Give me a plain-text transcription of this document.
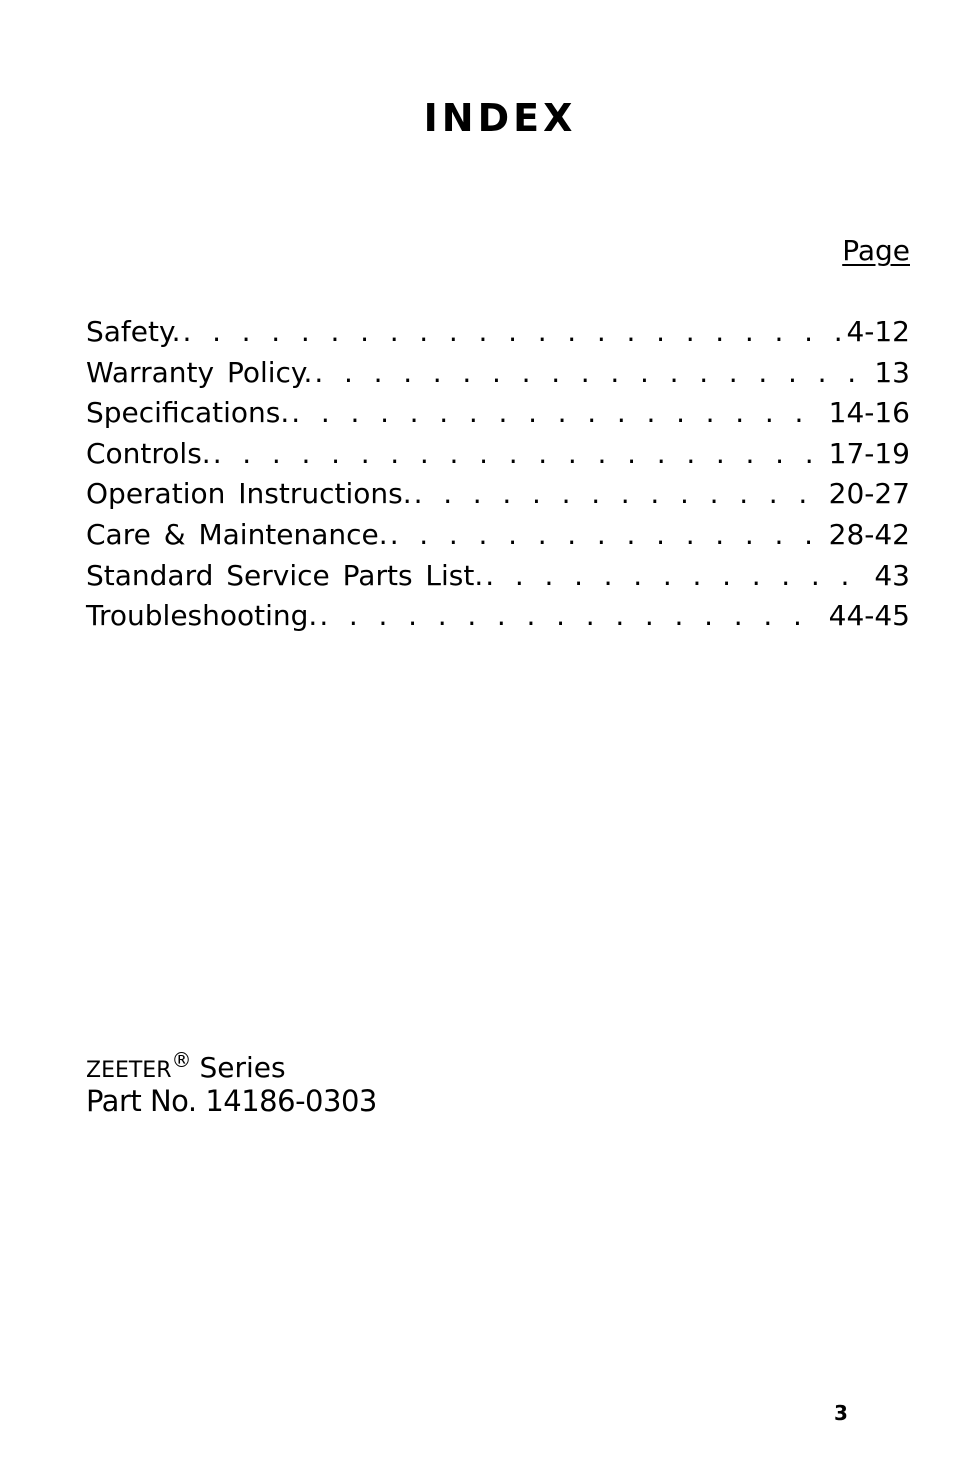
INDEX
Page
Safety. . . .	4-12
Warranty Policy. . . .	13
Specifications. . . .	14-16
Controls. . . .	17-19
Operation Instructions. . . .	20-27
Care & Maintenance. . . .	28-42
Standard Service Parts List. . . .	43
Troubleshooting. . . .	44-45
ZEETER® Series
Part No. 14186-0303
3
